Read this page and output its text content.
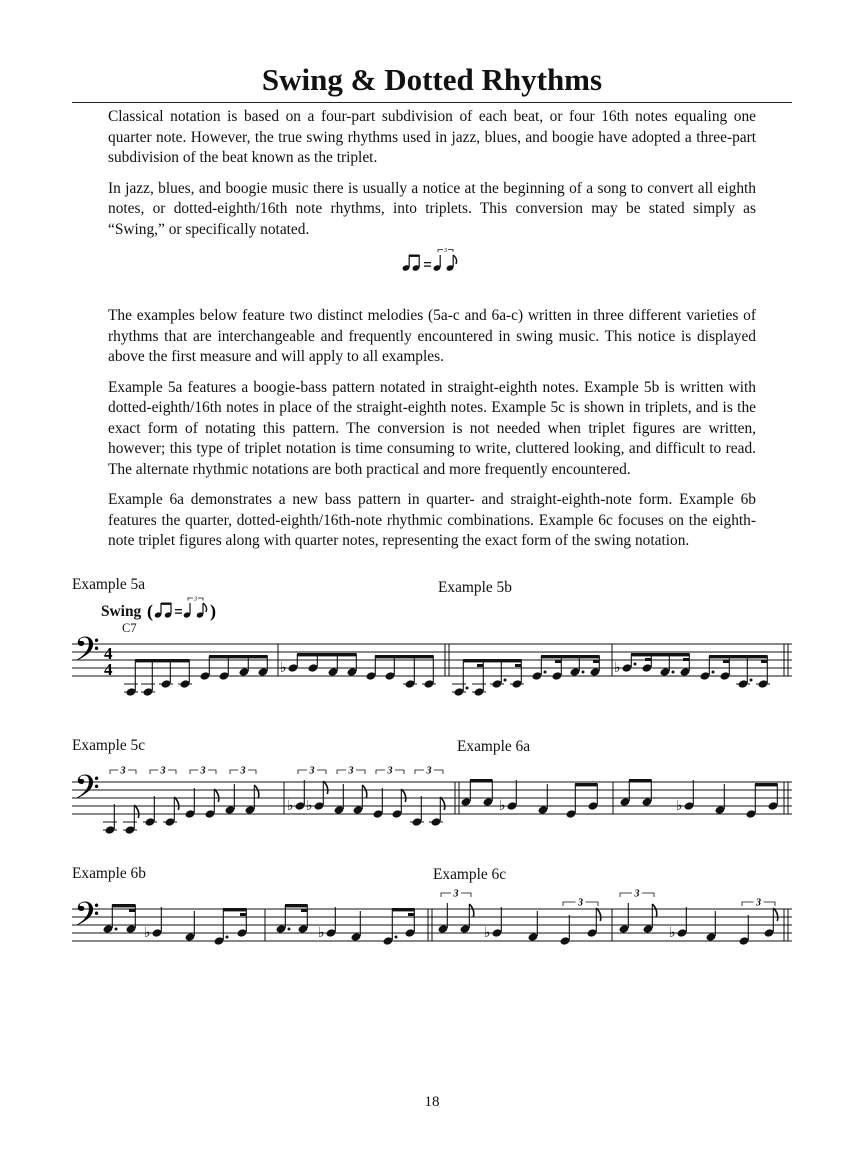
Swing & Dotted Rhythms

Classical notation is based on a four-part subdivision of each beat, or four 16th notes equaling one quarter note. However, the true swing rhythms used in jazz, blues, and boogie have adopted a three-part subdivision of the beat known as the triplet.

In jazz, blues, and boogie music there is usually a notice at the beginning of a song to convert all eighth notes, or dotted-eighth/16th note rhythms, into triplets. This conversion may be stated simply as “Swing,” or specifically notated.

The examples below feature two distinct melodies (5a-c and 6a-c) written in three different varieties of rhythms that are interchangeable and frequently encountered in swing music. This notice is displayed above the first measure and will apply to all examples.

Example 5a features a boogie-bass pattern notated in straight-eighth notes. Example 5b is written with dotted-eighth/16th notes in place of the straight-eighth notes. Example 5c is shown in triplets, and is the exact form of notating this pattern. The conversion is not needed when triplet figures are written, however; this type of triplet notation is time consuming to write, cluttered looking, and difficult to read. The alternate rhythmic notations are both practical and more frequently encountered.

Example 6a demonstrates a new bass pattern in quarter- and straight-eighth-note form. Example 6b features the quarter, dotted-eighth/16th-note rhythmic combinations. Example 6c focuses on the eighth-note triplet figures along with quarter notes, representing the exact form of the swing notation.

3
Example 5a	Example 5b
Example 5c	Example 6a
Example 6b	Example 6c
Swing (
3
)
C7
𝄢 4
4	♭	♭
𝄢 3	3	3	3
♭ ♭
3	3	3	3
♭	♭
𝄢	♭	♭
3
♭
3
3
♭
3
18
